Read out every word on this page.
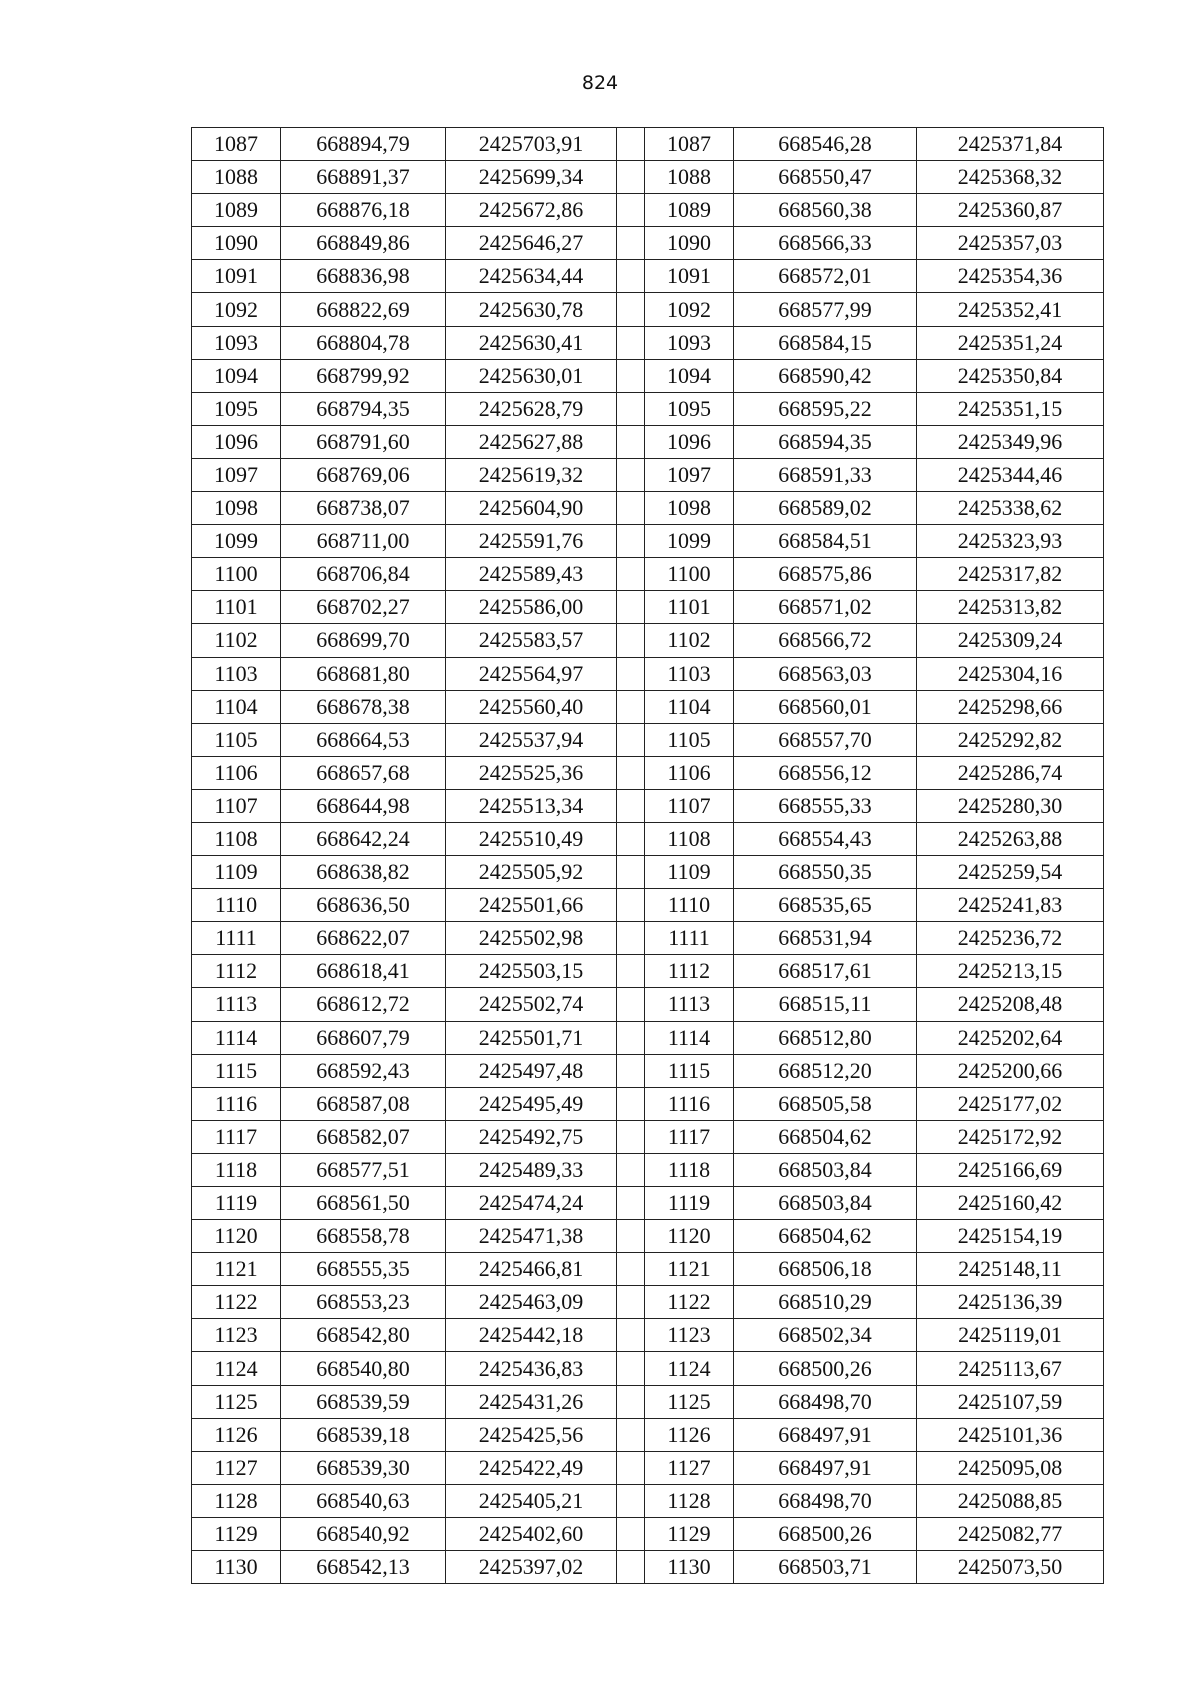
824
1087	668894,79	2425703,91		1087	668546,28	2425371,84
1088	668891,37	2425699,34		1088	668550,47	2425368,32
1089	668876,18	2425672,86		1089	668560,38	2425360,87
1090	668849,86	2425646,27		1090	668566,33	2425357,03
1091	668836,98	2425634,44		1091	668572,01	2425354,36
1092	668822,69	2425630,78		1092	668577,99	2425352,41
1093	668804,78	2425630,41		1093	668584,15	2425351,24
1094	668799,92	2425630,01		1094	668590,42	2425350,84
1095	668794,35	2425628,79		1095	668595,22	2425351,15
1096	668791,60	2425627,88		1096	668594,35	2425349,96
1097	668769,06	2425619,32		1097	668591,33	2425344,46
1098	668738,07	2425604,90		1098	668589,02	2425338,62
1099	668711,00	2425591,76		1099	668584,51	2425323,93
1100	668706,84	2425589,43		1100	668575,86	2425317,82
1101	668702,27	2425586,00		1101	668571,02	2425313,82
1102	668699,70	2425583,57		1102	668566,72	2425309,24
1103	668681,80	2425564,97		1103	668563,03	2425304,16
1104	668678,38	2425560,40		1104	668560,01	2425298,66
1105	668664,53	2425537,94		1105	668557,70	2425292,82
1106	668657,68	2425525,36		1106	668556,12	2425286,74
1107	668644,98	2425513,34		1107	668555,33	2425280,30
1108	668642,24	2425510,49		1108	668554,43	2425263,88
1109	668638,82	2425505,92		1109	668550,35	2425259,54
1110	668636,50	2425501,66		1110	668535,65	2425241,83
1111	668622,07	2425502,98		1111	668531,94	2425236,72
1112	668618,41	2425503,15		1112	668517,61	2425213,15
1113	668612,72	2425502,74		1113	668515,11	2425208,48
1114	668607,79	2425501,71		1114	668512,80	2425202,64
1115	668592,43	2425497,48		1115	668512,20	2425200,66
1116	668587,08	2425495,49		1116	668505,58	2425177,02
1117	668582,07	2425492,75		1117	668504,62	2425172,92
1118	668577,51	2425489,33		1118	668503,84	2425166,69
1119	668561,50	2425474,24		1119	668503,84	2425160,42
1120	668558,78	2425471,38		1120	668504,62	2425154,19
1121	668555,35	2425466,81		1121	668506,18	2425148,11
1122	668553,23	2425463,09		1122	668510,29	2425136,39
1123	668542,80	2425442,18		1123	668502,34	2425119,01
1124	668540,80	2425436,83		1124	668500,26	2425113,67
1125	668539,59	2425431,26		1125	668498,70	2425107,59
1126	668539,18	2425425,56		1126	668497,91	2425101,36
1127	668539,30	2425422,49		1127	668497,91	2425095,08
1128	668540,63	2425405,21		1128	668498,70	2425088,85
1129	668540,92	2425402,60		1129	668500,26	2425082,77
1130	668542,13	2425397,02		1130	668503,71	2425073,50
